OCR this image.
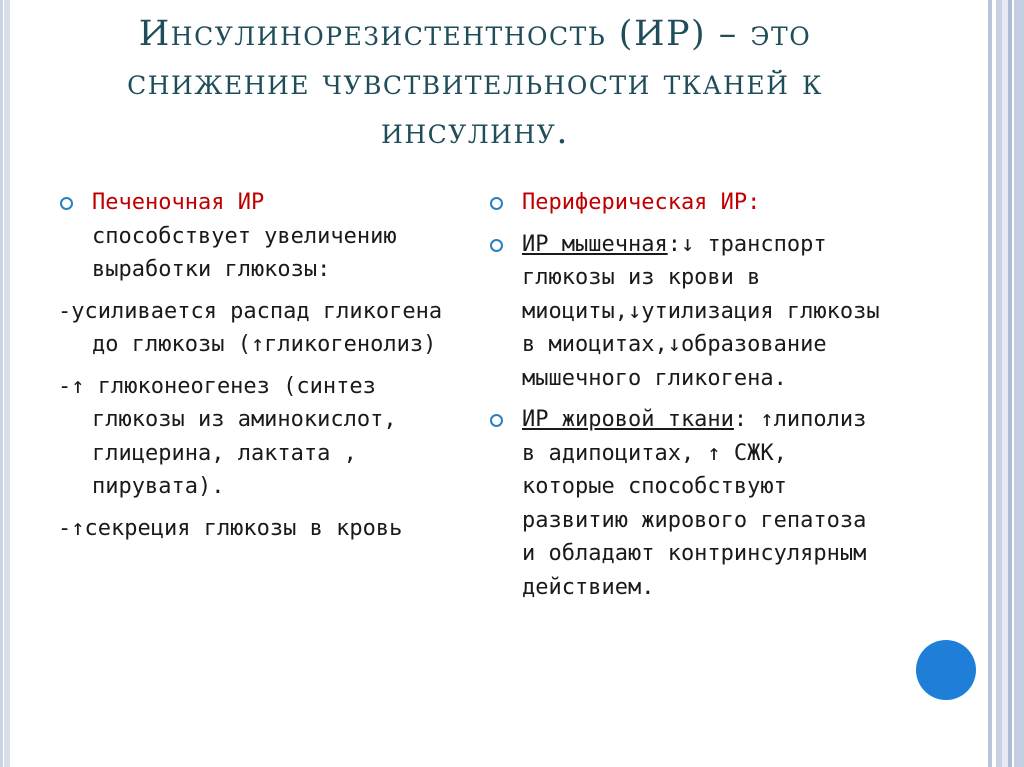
Инсулинорезистентность (ИР) – это снижение чувствительности тканей к инсулину.
Печеночная ИР
способствует увеличению выработки глюкозы:
-усиливается распад гликогена до глюкозы (↑гликогенолиз)
-↑ глюконеогенез (синтез глюкозы из аминокислот, глицерина, лактата , пирувата).
-↑секреция глюкозы в кровь
Периферическая ИР:
ИР мышечная:↓ транспорт глюкозы из крови в миоциты,↓утилизация глюкозы в миоцитах,↓образование мышечного гликогена.
ИР жировой ткани: ↑липолиз в адипоцитах, ↑ СЖК, которые способствуют развитию жирового гепатоза и обладают контринсулярным действием.
